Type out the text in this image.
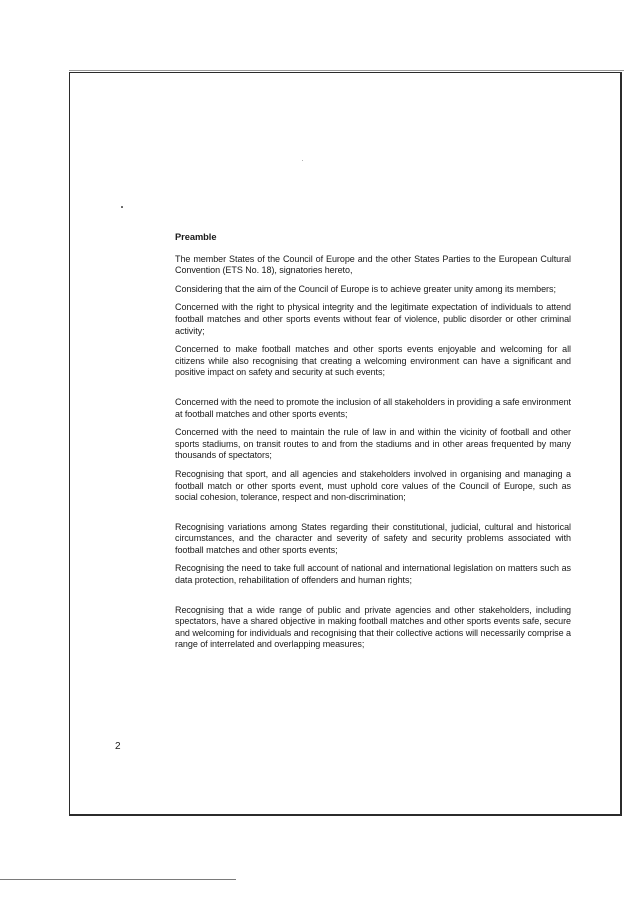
Preamble

The member States of the Council of Europe and the other States Parties to the European Cultural Convention (ETS No. 18), signatories hereto,

Considering that the aim of the Council of Europe is to achieve greater unity among its members;

Concerned with the right to physical integrity and the legitimate expectation of individuals to attend football matches and other sports events without fear of violence, public disorder or other criminal activity;

Concerned to make football matches and other sports events enjoyable and welcoming for all citizens while also recognising that creating a welcoming environment can have a significant and positive impact on safety and security at such events;

Concerned with the need to promote the inclusion of all stakeholders in providing a safe environment at football matches and other sports events;

Concerned with the need to maintain the rule of law in and within the vicinity of football and other sports stadiums, on transit routes to and from the stadiums and in other areas frequented by many thousands of spectators;

Recognising that sport, and all agencies and stakeholders involved in organising and managing a football match or other sports event, must uphold core values of the Council of Europe, such as social cohesion, tolerance, respect and non-discrimination;

Recognising variations among States regarding their constitutional, judicial, cultural and historical circumstances, and the character and severity of safety and security problems associated with football matches and other sports events;

Recognising the need to take full account of national and international legislation on matters such as data protection, rehabilitation of offenders and human rights;

Recognising that a wide range of public and private agencies and other stakeholders, including spectators, have a shared objective in making football matches and other sports events safe, secure and welcoming for individuals and recognising that their collective actions will necessarily comprise a range of interrelated and overlapping measures;

2
